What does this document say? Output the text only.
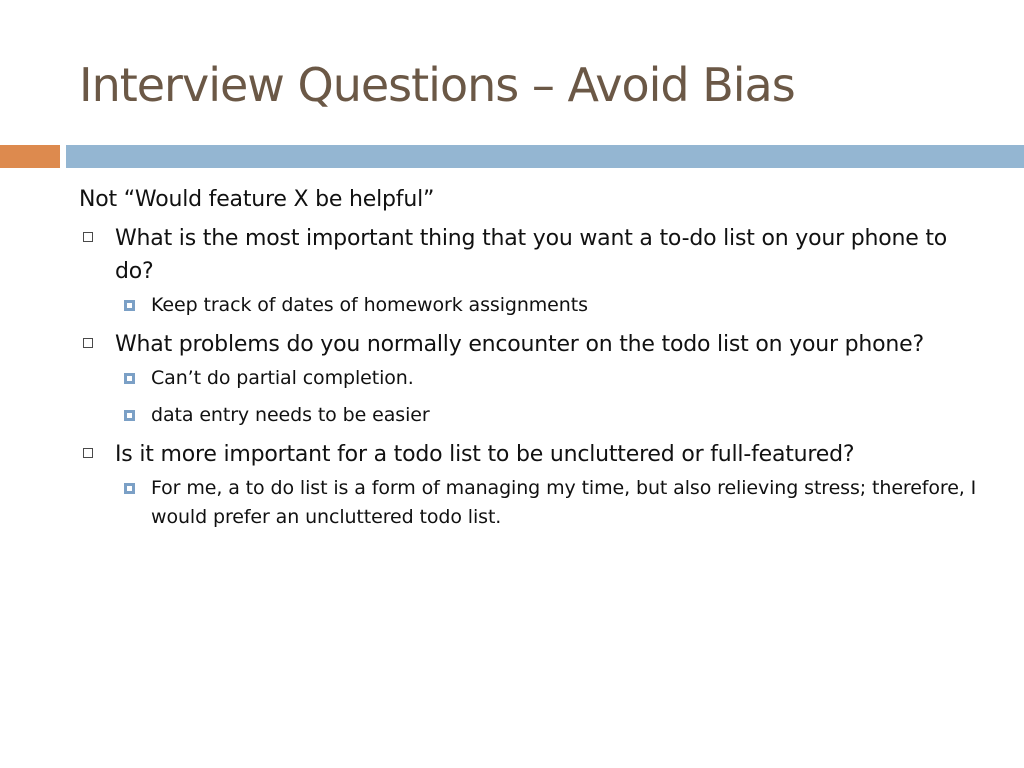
Interview Questions – Avoid Bias
Not “Would feature X be helpful”
What is the most important thing that you want a to-do list on your phone to do?
Keep track of dates of homework assignments
What problems do you normally encounter on the todo list on your phone?
Can’t do partial completion.
data entry needs to be easier
Is it more important for a todo list to be uncluttered or full-featured?
For me, a to do list is a form of managing my time, but also relieving stress; therefore, I would prefer an uncluttered todo list.
